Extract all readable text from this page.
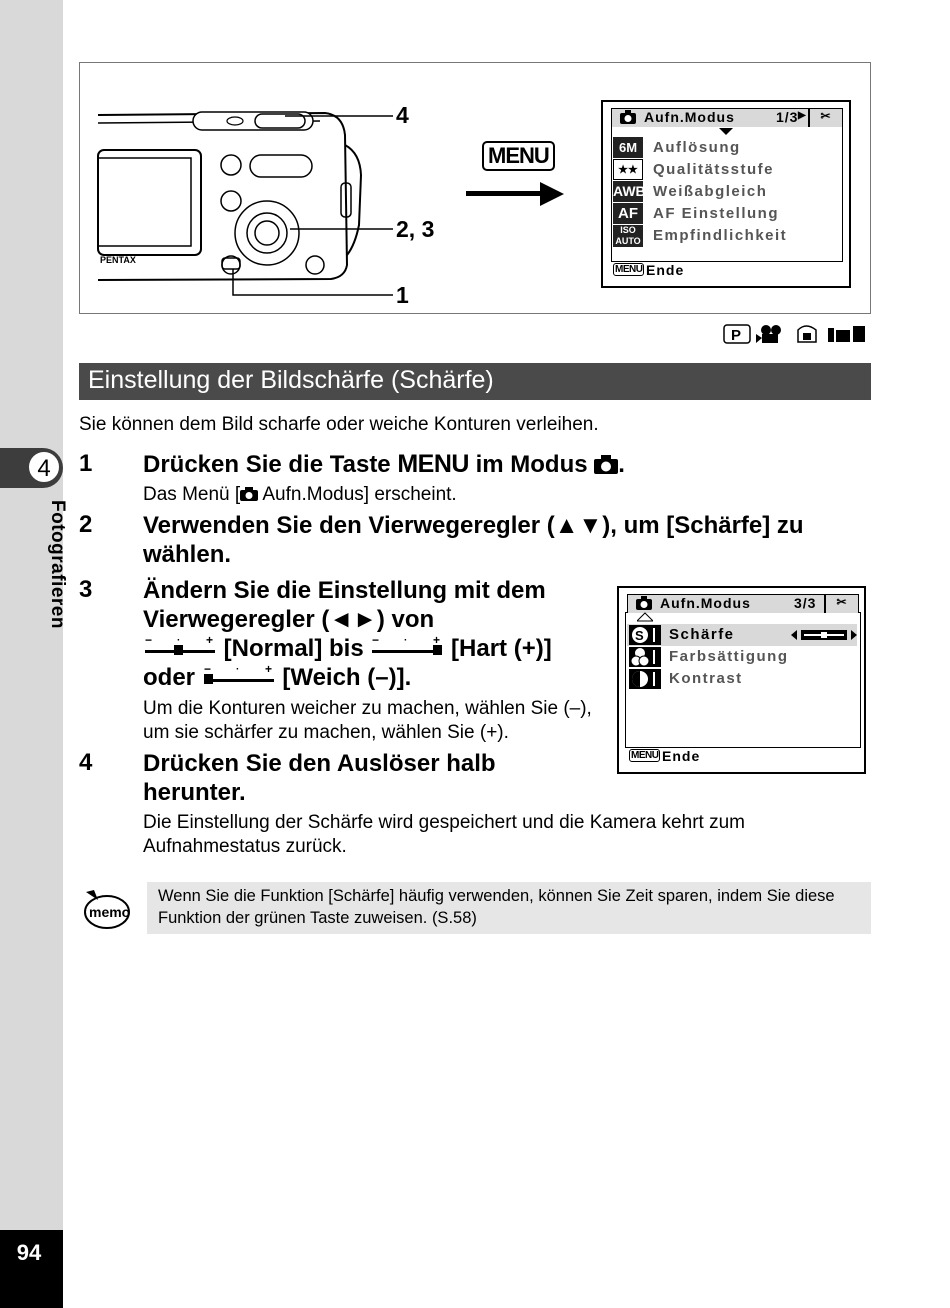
4
Fotografieren
94
PENTAX
4
2, 3
1
MENU
Aufn.Modus	1/3 ▶	✂
6M	Auflösung
★★	Qualitätsstufe
AWB Weißabgleich
AF	AF Einstellung
ISO AUTO Empfindlichkeit
MENU Ende
P
Einstellung der Bildschärfe (Schärfe)
Sie können dem Bild scharfe oder weiche Konturen verleihen.
1 Drücken Sie die Taste MENU im Modus .
Das Menü [ Aufn.Modus] erscheint.
2 Verwenden Sie den Vierwegeregler (▲▼), um [Schärfe] zu wählen.
3 Ändern Sie die Einstellung mit dem
Vierwegeregler (◄►) von
− · + [Normal] bis − · + [Hart (+)]
oder − · + [Weich (–)].
Um die Konturen weicher zu machen, wählen Sie (–), um sie schärfer zu machen, wählen Sie (+).
Aufn.Modus	3/3	✂
S Schärfe
Farbsättigung
Kontrast
MENU Ende
4 Drücken Sie den Auslöser halb herunter.
Die Einstellung der Schärfe wird gespeichert und die Kamera kehrt zum Aufnahmestatus zurück.
memo
Wenn Sie die Funktion [Schärfe] häufig verwenden, können Sie Zeit sparen, indem Sie diese Funktion der grünen Taste zuweisen. (S.58)
